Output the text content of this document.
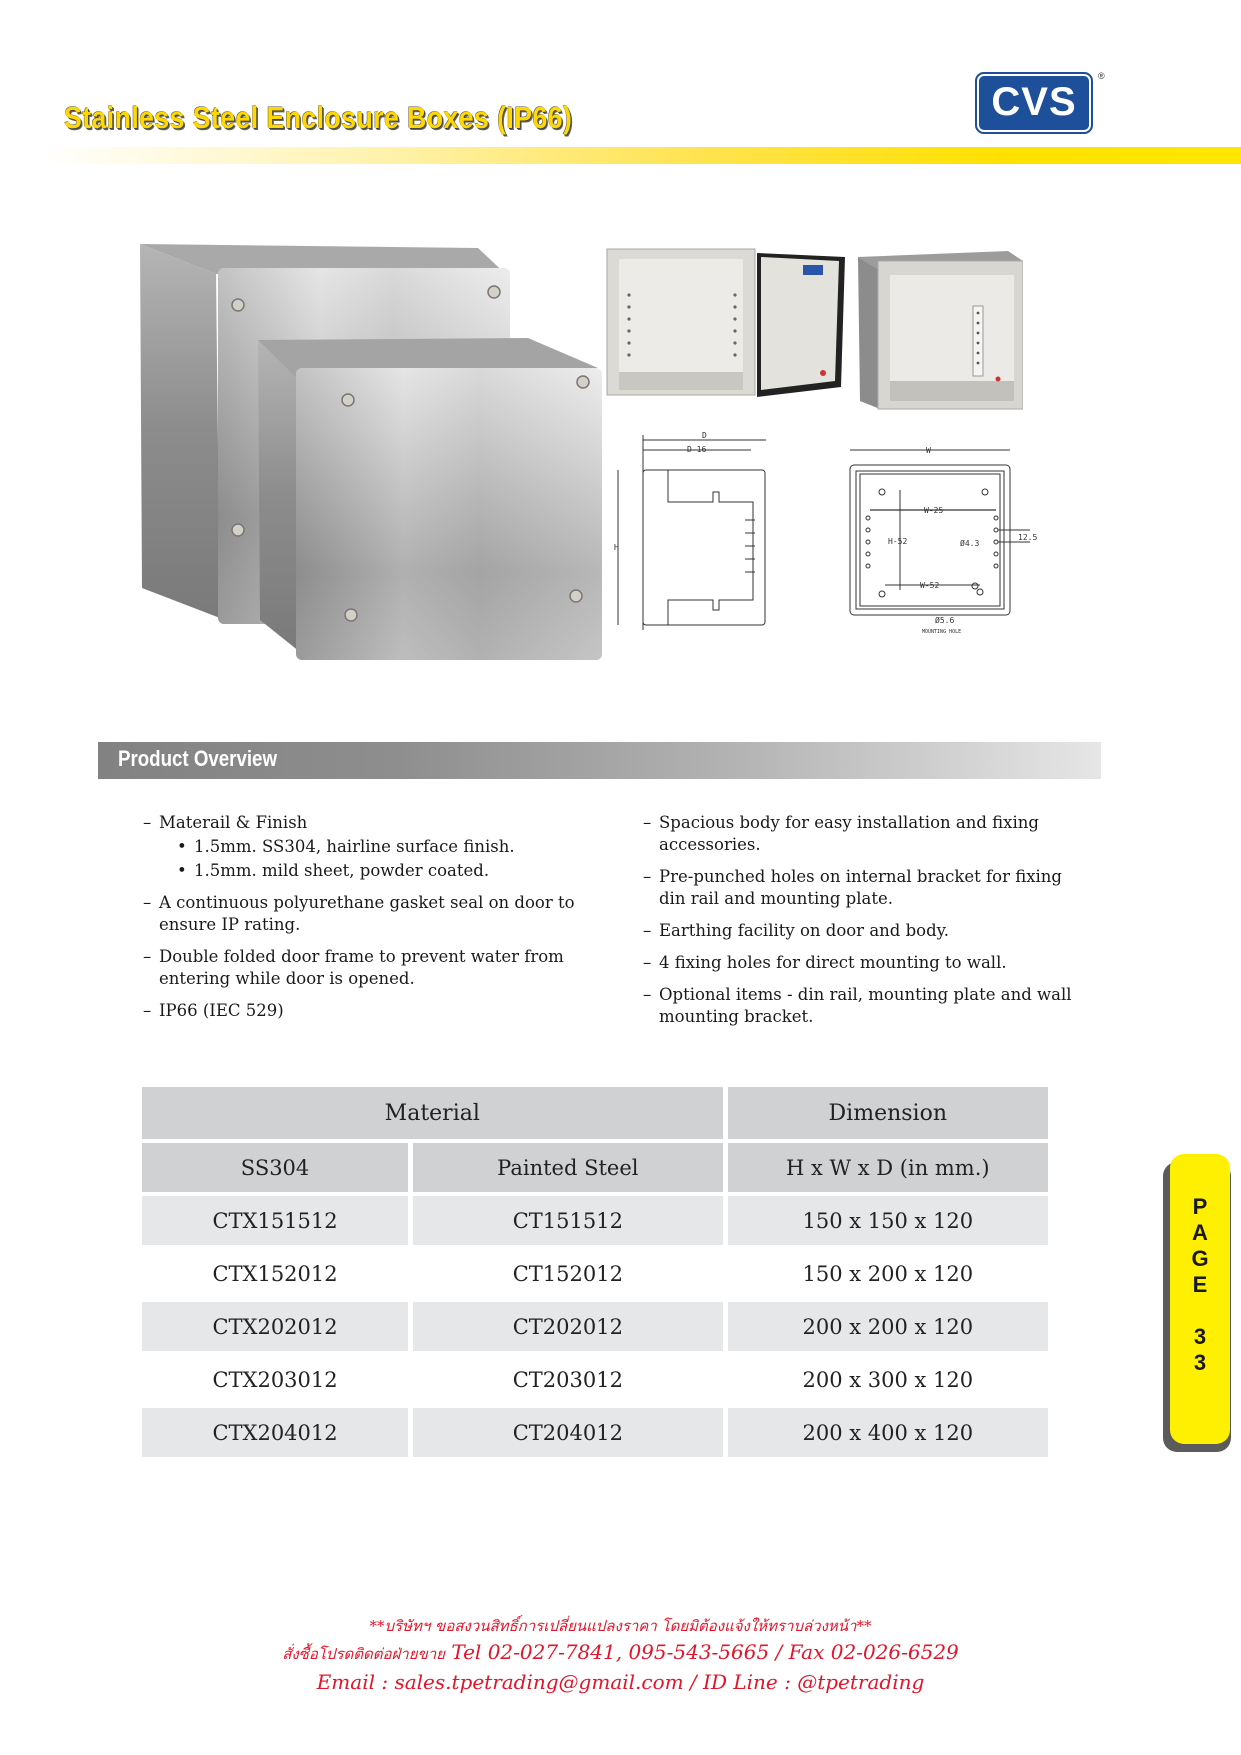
Stainless Steel Enclosure Boxes (IP66)	CVS
®
D
D-16
H
W
W-25
H-52
W-52
Ø4.3
12.5
Ø5.6
MOUNTING HOLE
Product Overview
– Materail & Finish
• 1.5mm. SS304, hairline surface finish.
• 1.5mm. mild sheet, powder coated.
– A continuous polyurethane gasket seal on door to ensure IP rating.
– Double folded door frame to prevent water from entering while door is opened.
– IP66 (IEC 529)
– Spacious body for easy installation and fixing accessories.
– Pre-punched holes on internal bracket for fixing din rail and mounting plate.
– Earthing facility on door and body.
– 4 fixing holes for direct mounting to wall.
– Optional items - din rail, mounting plate and wall mounting bracket.
Material		Dimension
SS304	Painted Steel	H x W x D (in mm.)
CTX151512	CT151512	150 x 150 x 120
CTX152012	CT152012	150 x 200 x 120
CTX202012	CT202012	200 x 200 x 120
CTX203012	CT203012	200 x 300 x 120
CTX204012	CT204012	200 x 400 x 120
P
A
G
E
3
3
**บริษัทฯ ขอสงวนสิทธิ์การเปลี่ยนแปลงราคา โดยมิต้องแจ้งให้ทราบล่วงหน้า**
สั่งซื้อโปรดติดต่อฝ่ายขาย Tel 02-027-7841, 095-543-5665 / Fax 02-026-6529
Email : sales.tpetrading@gmail.com / ID Line : @tpetrading
